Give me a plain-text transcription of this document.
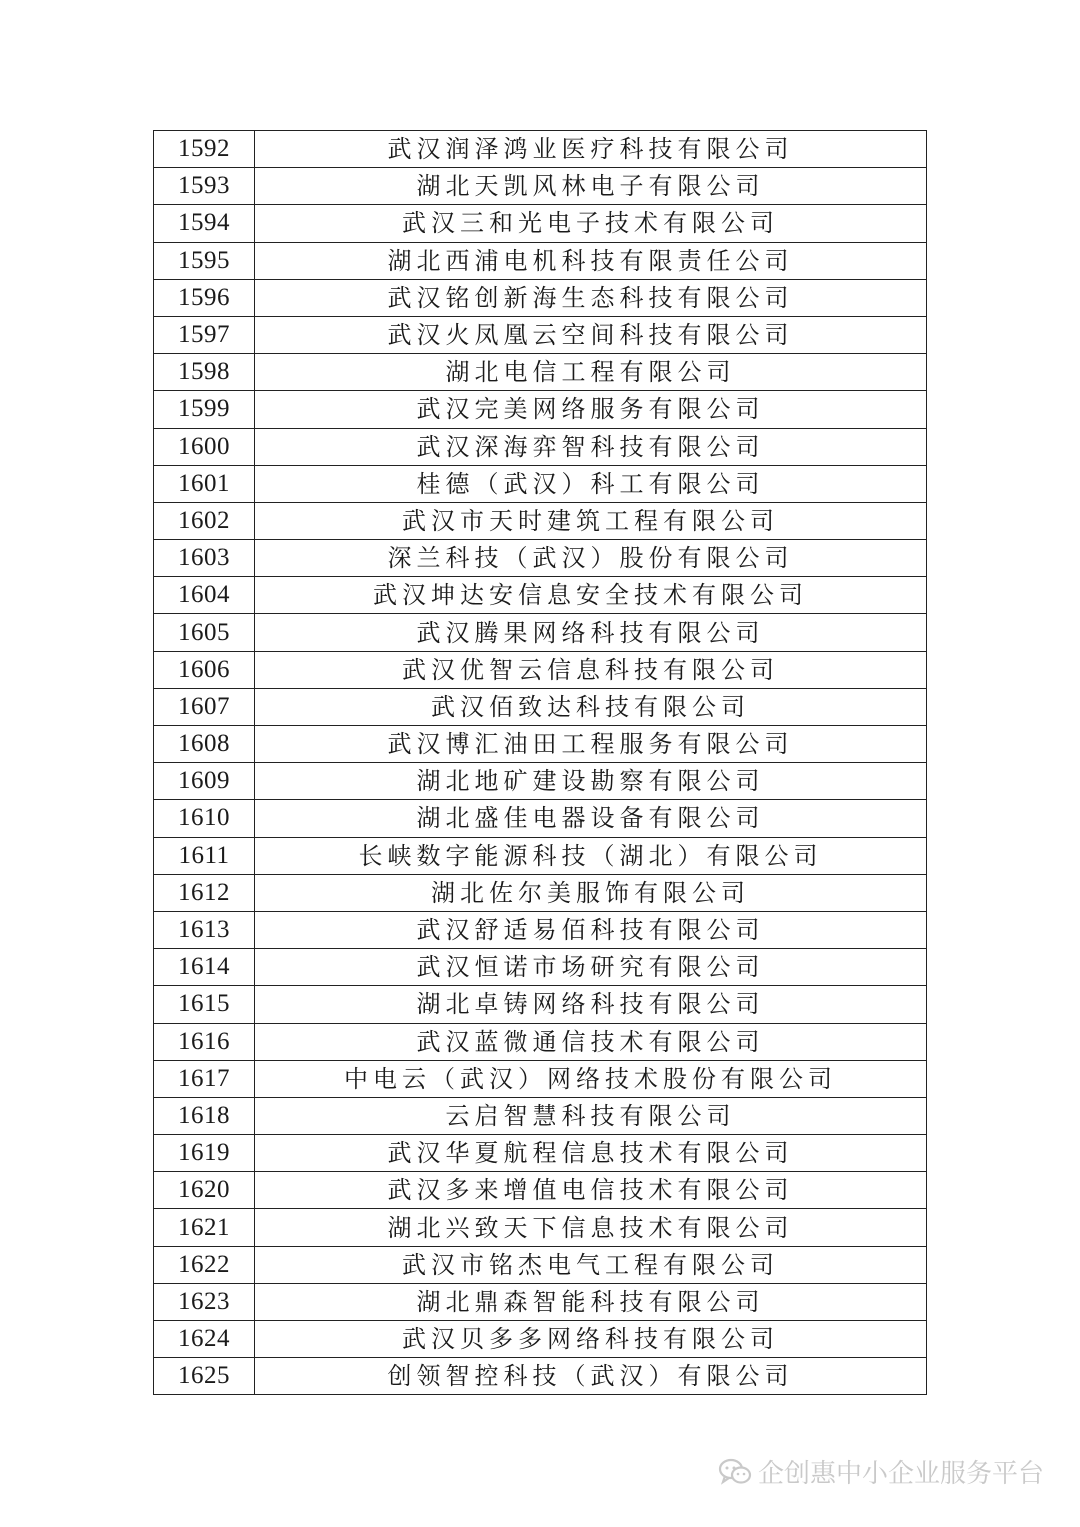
1592	武汉润泽鸿业医疗科技有限公司
1593	湖北天凯风林电子有限公司
1594	武汉三和光电子技术有限公司
1595	湖北西浦电机科技有限责任公司
1596	武汉铭创新海生态科技有限公司
1597	武汉火凤凰云空间科技有限公司
1598	湖北电信工程有限公司
1599	武汉完美网络服务有限公司
1600	武汉深海弈智科技有限公司
1601	桂德（武汉）科工有限公司
1602	武汉市天时建筑工程有限公司
1603	深兰科技（武汉）股份有限公司
1604	武汉坤达安信息安全技术有限公司
1605	武汉腾果网络科技有限公司
1606	武汉优智云信息科技有限公司
1607	武汉佰致达科技有限公司
1608	武汉博汇油田工程服务有限公司
1609	湖北地矿建设勘察有限公司
1610	湖北盛佳电器设备有限公司
1611	长峡数字能源科技（湖北）有限公司
1612	湖北佐尔美服饰有限公司
1613	武汉舒适易佰科技有限公司
1614	武汉恒诺市场研究有限公司
1615	湖北卓铸网络科技有限公司
1616	武汉蓝微通信技术有限公司
1617	中电云（武汉）网络技术股份有限公司
1618	云启智慧科技有限公司
1619	武汉华夏航程信息技术有限公司
1620	武汉多来增值电信技术有限公司
1621	湖北兴致天下信息技术有限公司
1622	武汉市铭杰电气工程有限公司
1623	湖北鼎森智能科技有限公司
1624	武汉贝多多网络科技有限公司
1625	创领智控科技（武汉）有限公司
企创惠中小企业服务平台
